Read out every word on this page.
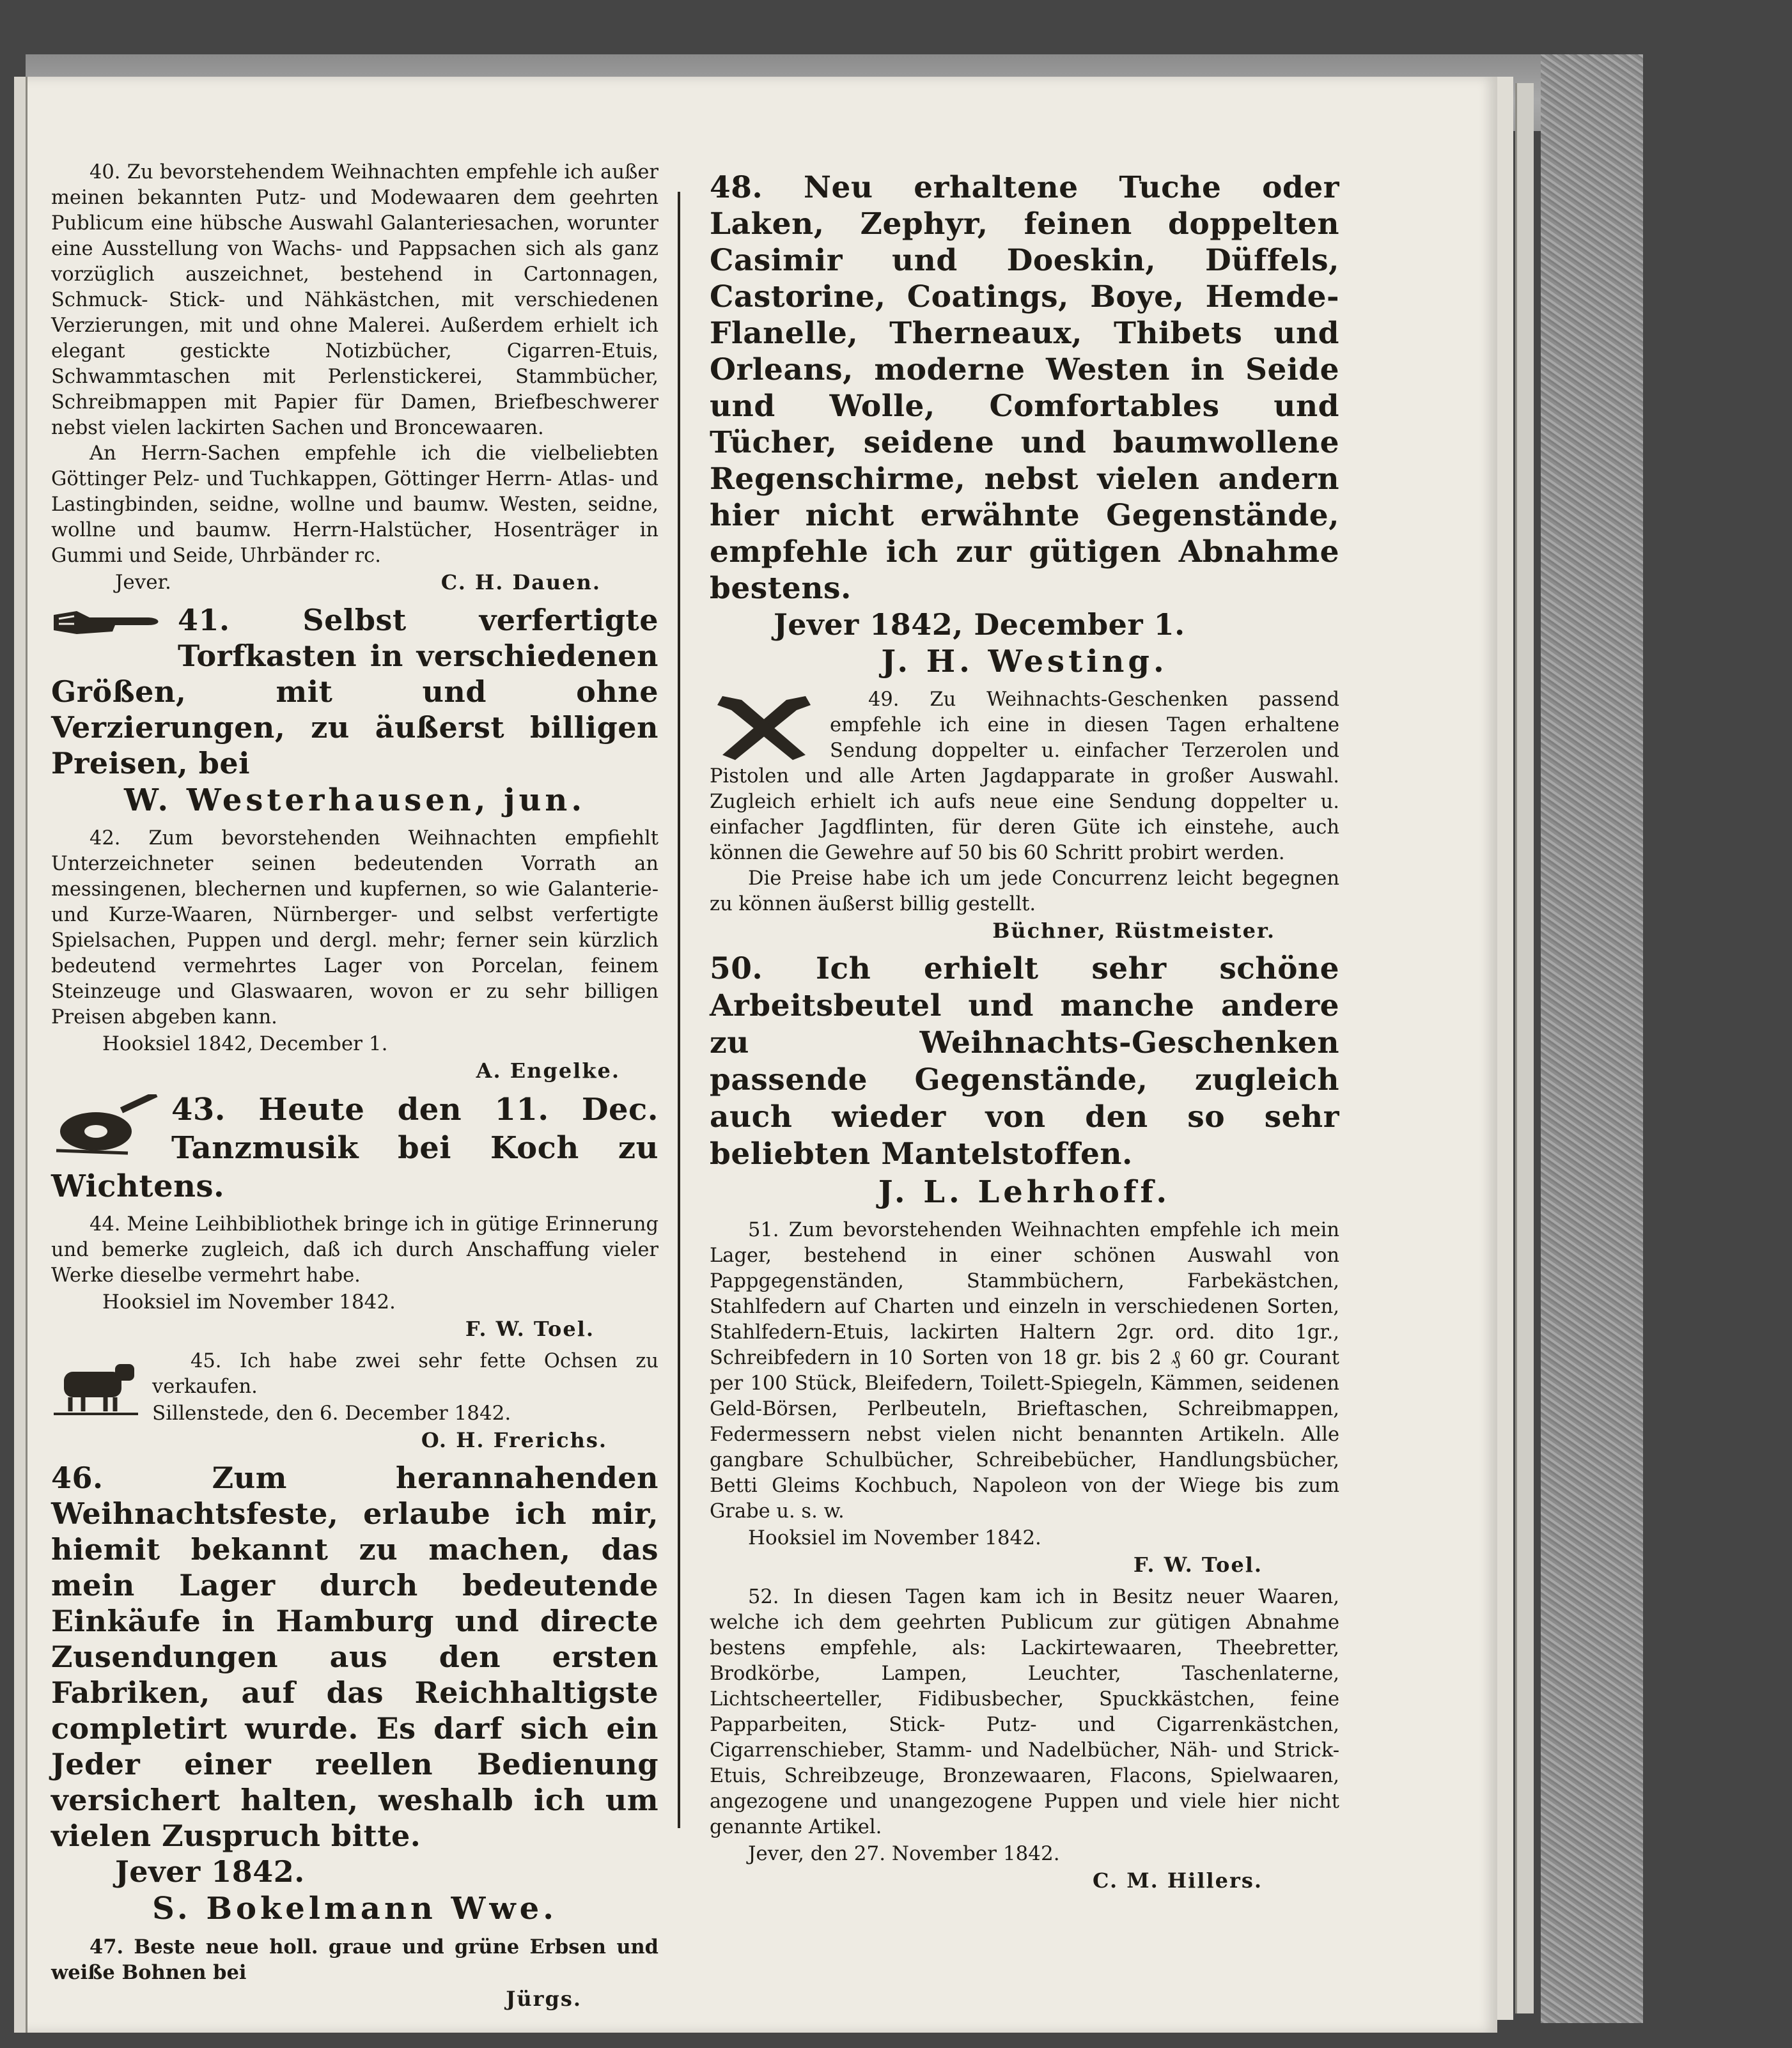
40. Zu bevorstehendem Weihnachten empfehle ich außer meinen bekannten Putz- und Modewaaren dem geehrten Publicum eine hübsche Auswahl Galanteriesachen, worunter eine Ausstellung von Wachs- und Pappsachen sich als ganz vorzüglich auszeichnet, bestehend in Cartonnagen, Schmuck- Stick- und Nähkästchen, mit verschiedenen Verzierungen, mit und ohne Malerei. Außerdem erhielt ich elegant gestickte Notizbücher, Cigarren-Etuis, Schwammtaschen mit Perlenstickerei, Stammbücher, Schreibmappen mit Papier für Damen, Briefbeschwerer nebst vielen lackirten Sachen und Broncewaaren.
An Herrn-Sachen empfehle ich die vielbeliebten Göttinger Pelz- und Tuchkappen, Göttinger Herrn- Atlas- und Lastingbinden, seidne, wollne und baumw. Westen, seidne, wollne und baumw. Herrn-Halstücher, Hosenträger in Gummi und Seide, Uhrbänder rc.
Jever.	C. H. Dauen.
41. Selbst verfertigte Torfkasten in verschiedenen Größen, mit und ohne Verzierungen, zu äußerst billigen Preisen, bei
W. Westerhausen, jun.
42. Zum bevorstehenden Weihnachten empfiehlt Unterzeichneter seinen bedeutenden Vorrath an messingenen, blechernen und kupfernen, so wie Galanterie- und Kurze-Waaren, Nürnberger- und selbst verfertigte Spielsachen, Puppen und dergl. mehr; ferner sein kürzlich bedeutend vermehrtes Lager von Porcelan, feinem Steinzeuge und Glaswaaren, wovon er zu sehr billigen Preisen abgeben kann.
Hooksiel 1842, December 1.
A. Engelke.
43. Heute den 11. Dec. Tanzmusik bei Koch zu Wichtens.
44. Meine Leihbibliothek bringe ich in gütige Erinnerung und bemerke zugleich, daß ich durch Anschaffung vieler Werke dieselbe vermehrt habe.
Hooksiel im November 1842.
F. W. Toel.
45. Ich habe zwei sehr fette Ochsen zu verkaufen.
Sillenstede, den 6. December 1842.
O. H. Frerichs.
46. Zum herannahenden Weihnachtsfeste, erlaube ich mir, hiemit bekannt zu machen, das mein Lager durch bedeutende Einkäufe in Hamburg und directe Zusendungen aus den ersten Fabriken, auf das Reichhaltigste completirt wurde. Es darf sich ein Jeder einer reellen Bedienung versichert halten, weshalb ich um vielen Zuspruch bitte.
Jever 1842.
S. Bokelmann Wwe.
47. Beste neue holl. graue und grüne Erbsen und weiße Bohnen bei
Jürgs.
48. Neu erhaltene Tuche oder Laken, Zephyr, feinen doppelten Casimir und Doeskin, Düffels, Castorine, Coatings, Boye, Hemde-Flanelle, Therneaux, Thibets und Orleans, moderne Westen in Seide und Wolle, Comfortables und Tücher, seidene und baumwollene Regenschirme, nebst vielen andern hier nicht erwähnte Gegenstände, empfehle ich zur gütigen Abnahme bestens.
Jever 1842, December 1.
J. H. Westing.
49. Zu Weihnachts-Geschenken passend empfehle ich eine in diesen Tagen erhaltene Sendung doppelter u. einfacher Terzerolen und Pistolen und alle Arten Jagdapparate in großer Auswahl. Zugleich erhielt ich aufs neue eine Sendung doppelter u. einfacher Jagdflinten, für deren Güte ich einstehe, auch können die Gewehre auf 50 bis 60 Schritt probirt werden.
Die Preise habe ich um jede Concurrenz leicht begegnen zu können äußerst billig gestellt.
Büchner, Rüstmeister.
50. Ich erhielt sehr schöne Arbeitsbeutel und manche andere zu Weihnachts-Geschenken passende Gegenstände, zugleich auch wieder von den so sehr beliebten Mantelstoffen.
J. L. Lehrhoff.
51. Zum bevorstehenden Weihnachten empfehle ich mein Lager, bestehend in einer schönen Auswahl von Pappgegenständen, Stammbüchern, Farbekästchen, Stahlfedern auf Charten und einzeln in verschiedenen Sorten, Stahlfedern-Etuis, lackirten Haltern 2gr. ord. dito 1gr., Schreibfedern in 10 Sorten von 18 gr. bis 2 ₰ 60 gr. Courant per 100 Stück, Bleifedern, Toilett-Spiegeln, Kämmen, seidenen Geld-Börsen, Perlbeuteln, Brieftaschen, Schreibmappen, Federmessern nebst vielen nicht benannten Artikeln. Alle gangbare Schulbücher, Schreibebücher, Handlungsbücher, Betti Gleims Kochbuch, Napoleon von der Wiege bis zum Grabe u. s. w.
Hooksiel im November 1842.
F. W. Toel.
52. In diesen Tagen kam ich in Besitz neuer Waaren, welche ich dem geehrten Publicum zur gütigen Abnahme bestens empfehle, als: Lackirtewaaren, Theebretter, Brodkörbe, Lampen, Leuchter, Taschenlaterne, Lichtscheerteller, Fidibusbecher, Spuckkästchen, feine Papparbeiten, Stick- Putz- und Cigarrenkästchen, Cigarrenschieber, Stamm- und Nadelbücher, Näh- und Strick-Etuis, Schreibzeuge, Bronzewaaren, Flacons, Spielwaaren, angezogene und unangezogene Puppen und viele hier nicht genannte Artikel.
Jever, den 27. November 1842.
C. M. Hillers.
